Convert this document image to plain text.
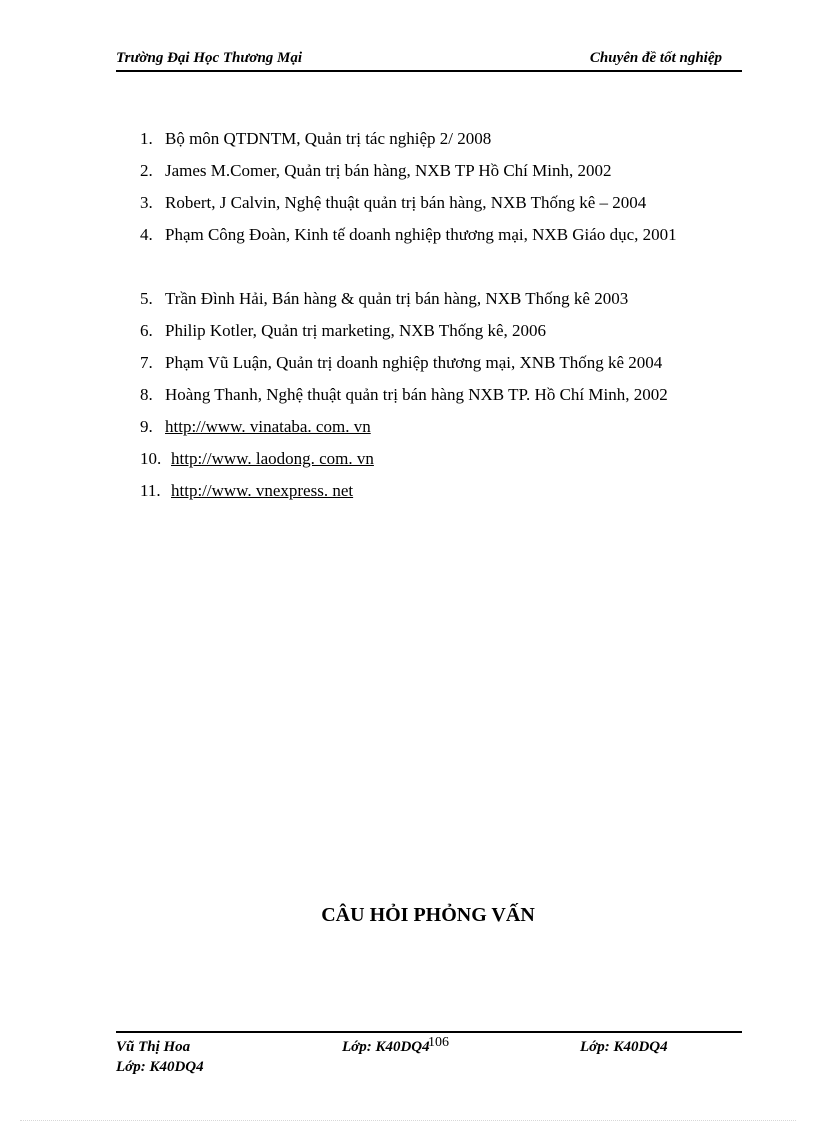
Trường Đại Học Thương Mại	Chuyên đề tốt nghiệp
1. Bộ môn QTDNTM, Quản trị tác nghiệp 2/ 2008
2. James M.Comer, Quản trị bán hàng, NXB TP Hồ Chí Minh, 2002
3. Robert, J Calvin, Nghệ thuật quản trị bán hàng, NXB Thống kê – 2004
4. Phạm Công Đoàn, Kinh tế doanh nghiệp thương mại, NXB Giáo dục, 2001
5. Trần Đình Hải, Bán hàng & quản trị bán hàng, NXB Thống kê 2003
6. Philip Kotler, Quản trị marketing, NXB Thống kê, 2006
7. Phạm Vũ Luận, Quản trị doanh nghiệp thương mại, XNB Thống kê 2004
8. Hoàng Thanh, Nghệ thuật quản trị bán hàng NXB TP. Hồ Chí Minh, 2002
9. http://www. vinataba. com. vn
10. http://www. laodong. com. vn
11. http://www. vnexpress. net
CÂU HỎI PHỎNG VẤN
Vũ Thị Hoa	Lớp: K40DQ4
106	Lớp: K40DQ4
Lớp: K40DQ4
